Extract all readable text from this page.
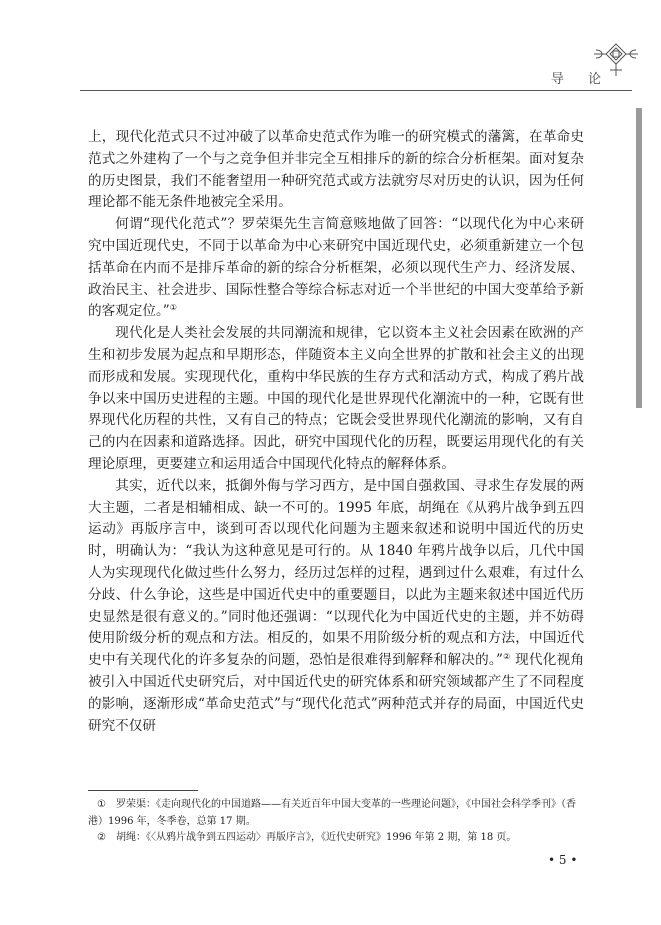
导 论

上，现代化范式只不过冲破了以革命史范式作为唯一的研究模式的藩篱，在革命史范式之外建构了一个与之竞争但并非完全互相排斥的新的综合分析框架。面对复杂的历史图景，我们不能奢望用一种研究范式或方法就穷尽对历史的认识，因为任何理论都不能无条件地被完全采用。

何谓“现代化范式”？罗荣渠先生言简意赅地做了回答：“以现代化为中心来研究中国近现代史，不同于以革命为中心来研究中国近现代史，必须重新建立一个包括革命在内而不是排斥革命的新的综合分析框架，必须以现代生产力、经济发展、政治民主、社会进步、国际性整合等综合标志对近一个半世纪的中国大变革给予新的客观定位。”①

现代化是人类社会发展的共同潮流和规律，它以资本主义社会因素在欧洲的产生和初步发展为起点和早期形态，伴随资本主义向全世界的扩散和社会主义的出现而形成和发展。实现现代化，重构中华民族的生存方式和活动方式，构成了鸦片战争以来中国历史进程的主题。中国的现代化是世界现代化潮流中的一种，它既有世界现代化历程的共性，又有自己的特点；它既会受世界现代化潮流的影响，又有自己的内在因素和道路选择。因此，研究中国现代化的历程，既要运用现代化的有关理论原理，更要建立和运用适合中国现代化特点的解释体系。

其实，近代以来，抵御外侮与学习西方，是中国自强救国、寻求生存发展的两大主题，二者是相辅相成、缺一不可的。1995 年底，胡绳在《从鸦片战争到五四运动》再版序言中，谈到可否以现代化问题为主题来叙述和说明中国近代的历史时，明确认为：“我认为这种意见是可行的。从 1840 年鸦片战争以后，几代中国人为实现现代化做过些什么努力，经历过怎样的过程，遇到过什么艰难，有过什么分歧、什么争论，这些是中国近代史中的重要题目，以此为主题来叙述中国近代历史显然是很有意义的。”同时他还强调：“以现代化为中国近代史的主题，并不妨碍使用阶级分析的观点和方法。相反的，如果不用阶级分析的观点和方法，中国近代史中有关现代化的许多复杂的问题，恐怕是很难得到解释和解决的。”② 现代化视角被引入中国近代史研究后，对中国近代史的研究体系和研究领域都产生了不同程度的影响，逐渐形成“革命史范式”与“现代化范式”两种范式并存的局面，中国近代史研究不仅研

① 罗荣渠：《走向现代化的中国道路——有关近百年中国大变革的一些理论问题》，《中国社会科学季刊》（香港）1996 年，冬季卷，总第 17 期。

② 胡绳：《〈从鸦片战争到五四运动〉再版序言》，《近代史研究》1996 年第 2 期，第 18 页。

• 5 •
